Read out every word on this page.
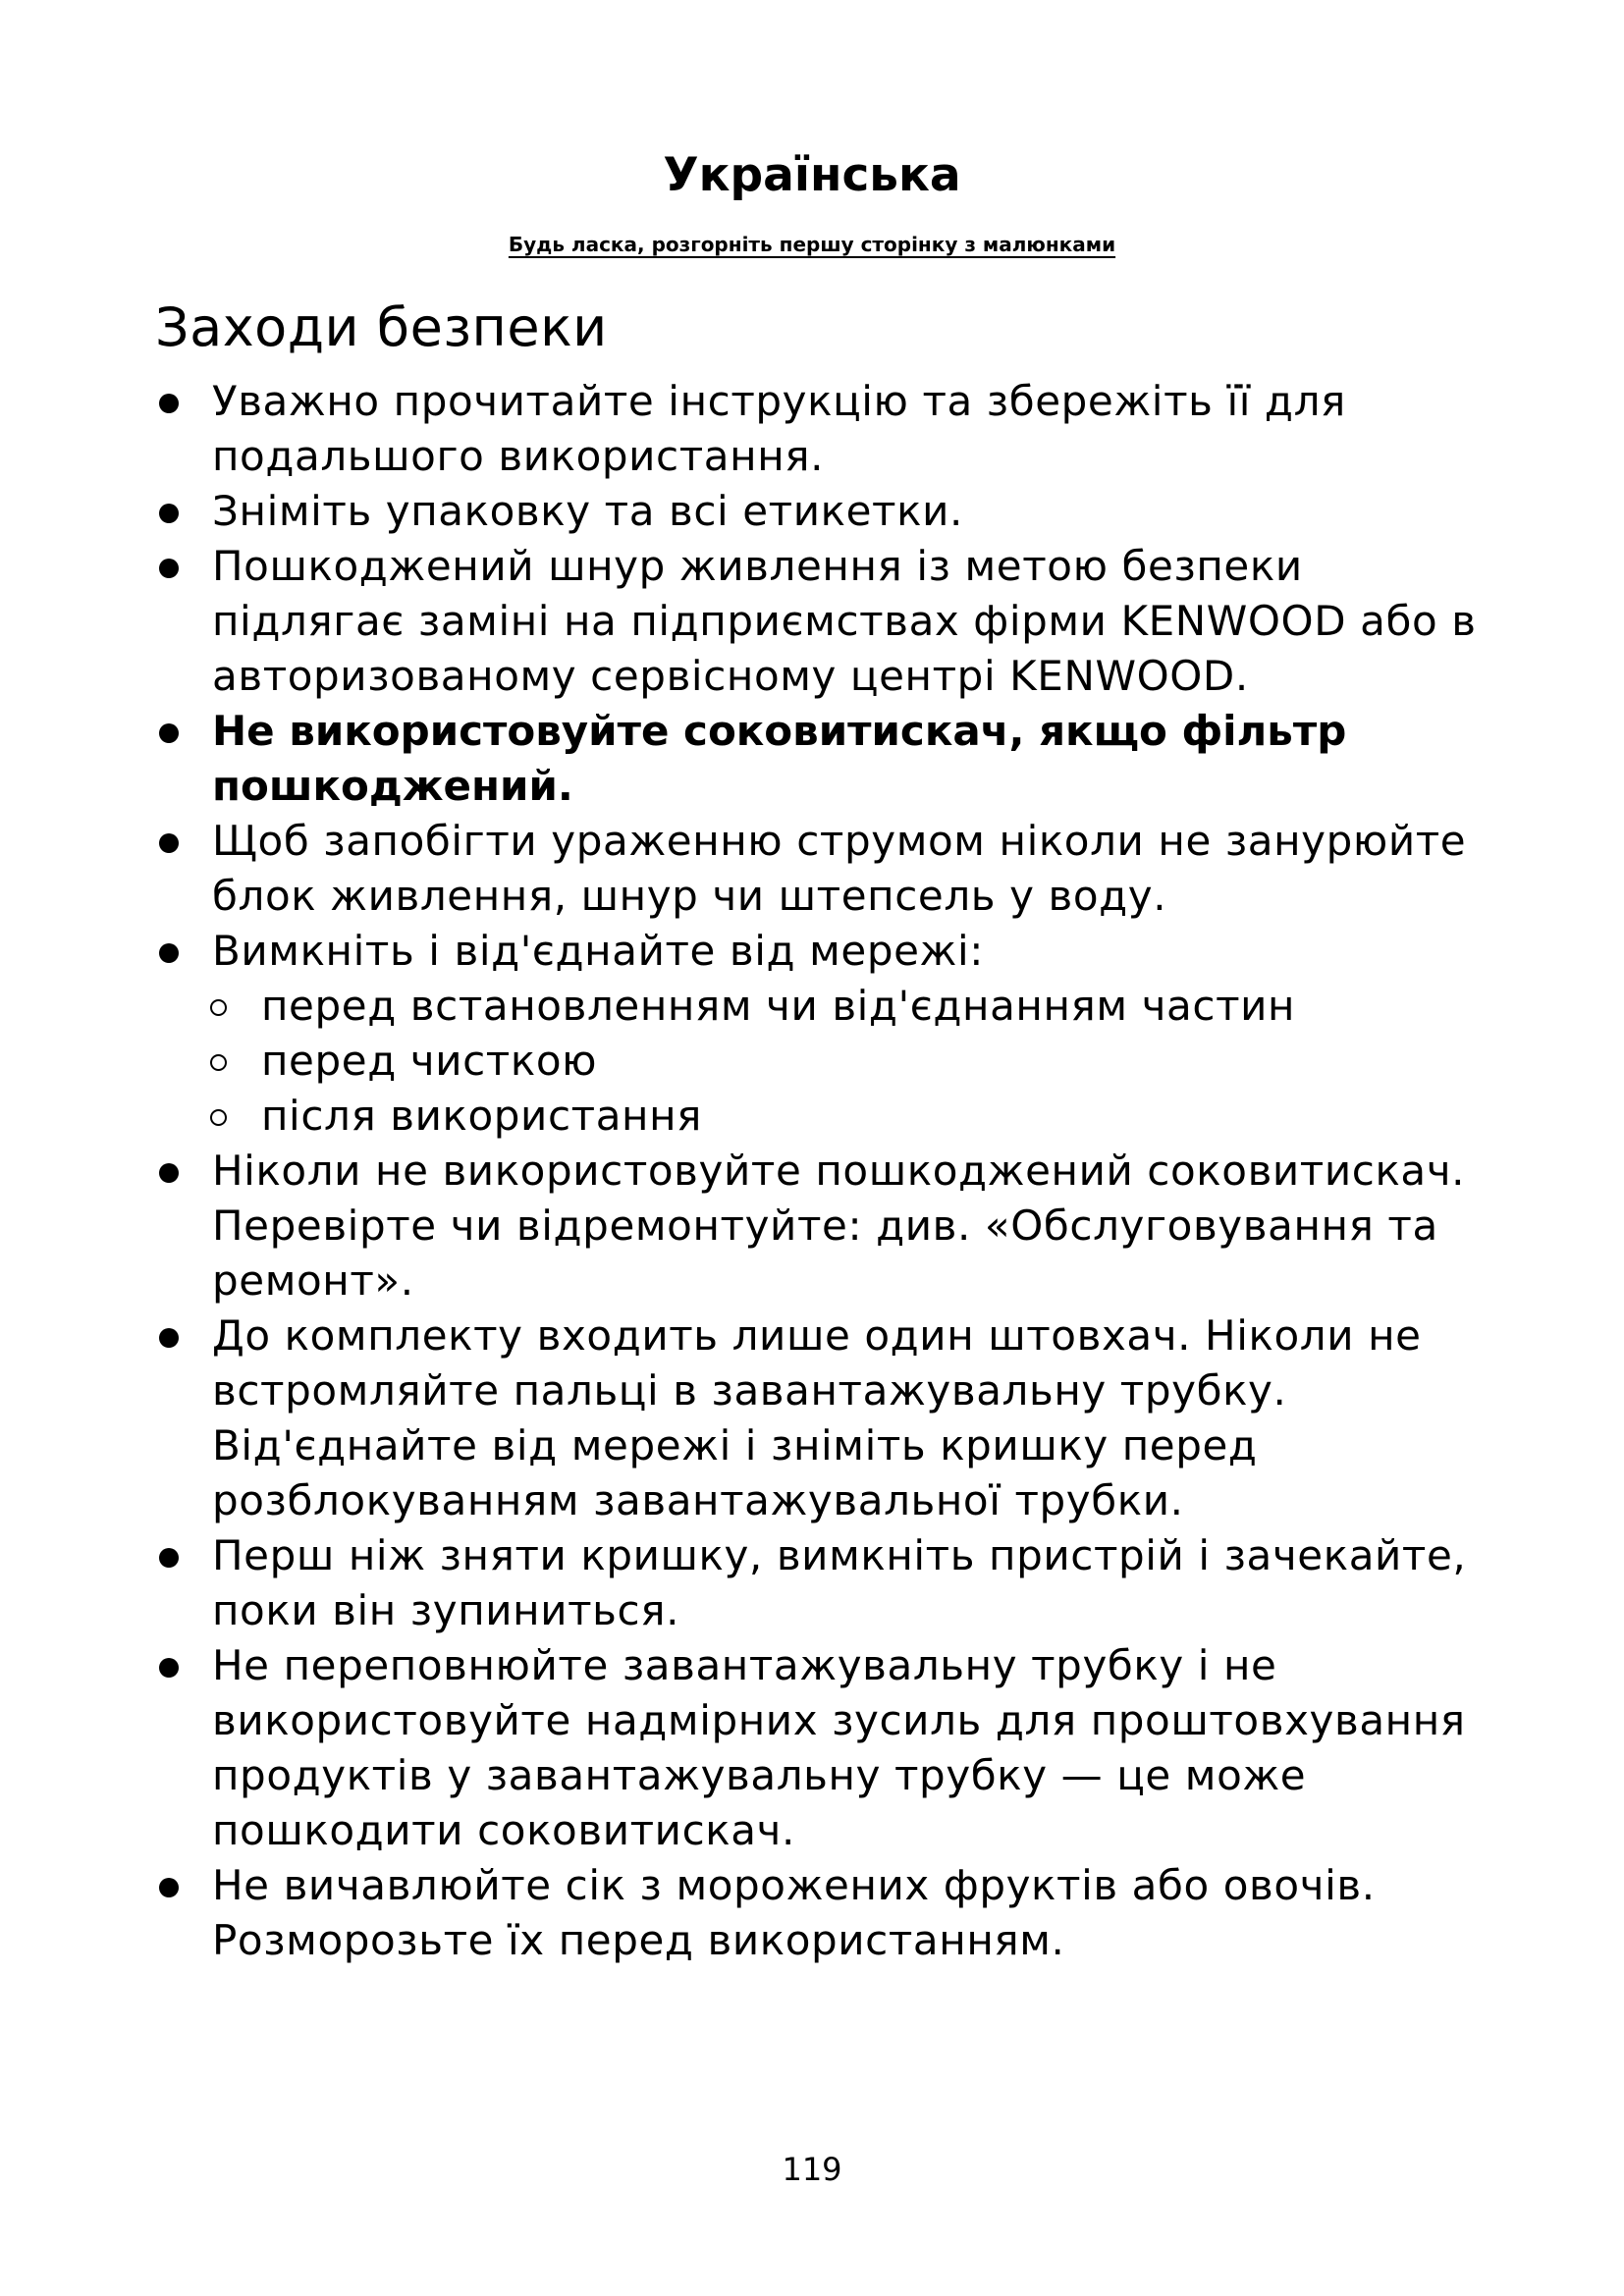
Українська
Будь ласка, розгорніть першу сторінку з малюнками
Заходи безпеки
Уважно прочитайте інструкцію та збережіть її для подальшого використання.
Зніміть упаковку та всі етикетки.
Пошкоджений шнур живлення із метою безпеки підлягає заміні на підприємствах фірми KENWOOD або в авторизованому сервісному центрі KENWOOD.
Не використовуйте соковитискач, якщо фільтр пошкоджений.
Щоб запобігти ураженню струмом ніколи не занурюйте блок живлення, шнур чи штепсель у воду.
Вимкніть і від'єднайте від мережі:
перед встановленням чи від'єднанням частин
перед чисткою
після використання
Ніколи не використовуйте пошкоджений соковитискач. Перевірте чи відремонтуйте: див. «Обслуговування та ремонт».
До комплекту входить лише один штовхач. Ніколи не встромляйте пальці в завантажувальну трубку. Від'єднайте від мережі і зніміть кришку перед розблокуванням завантажувальної трубки.
Перш ніж зняти кришку, вимкніть пристрій і зачекайте, поки він зупиниться.
Не переповнюйте завантажувальну трубку і не використовуйте надмірних зусиль для проштовхування продуктів у завантажувальну трубку — це може пошкодити соковитискач.
Не вичавлюйте сік з морожених фруктів або овочів. Розморозьте їх перед використанням.
119
